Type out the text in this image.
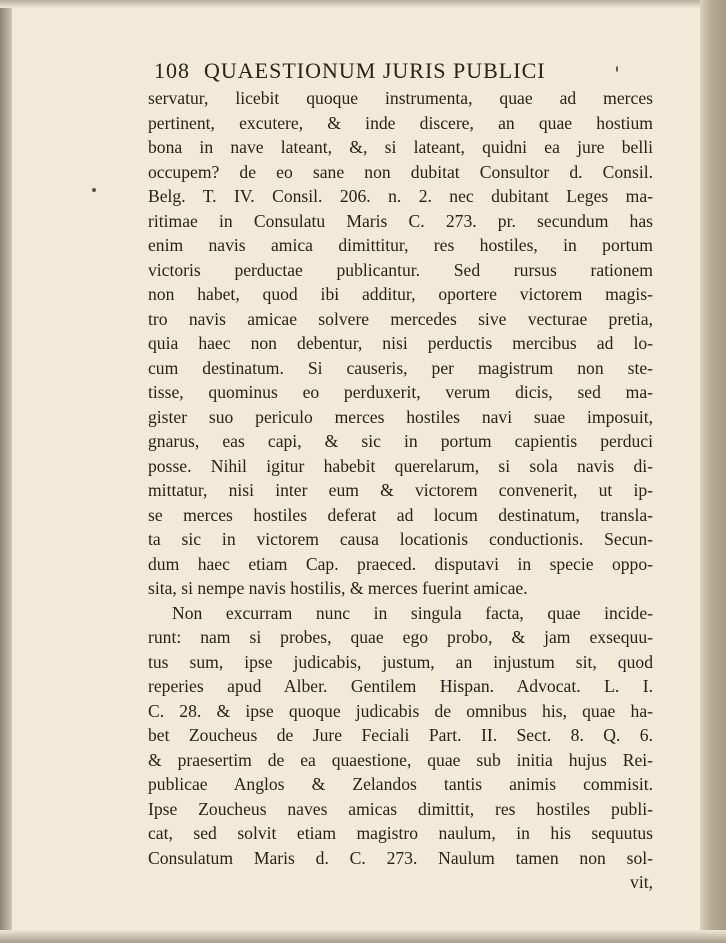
108 QUAESTIONUM JURIS PUBLICI
servatur, licebit quoque instrumenta, quae ad merces
pertinent, excutere, & inde discere, an quae hostium
bona in nave lateant, &, si lateant, quidni ea jure belli
occupem? de eo sane non dubitat Consultor d. Consil.
Belg. T. IV. Consil. 206. n. 2. nec dubitant Leges ma-
ritimae in Consulatu Maris C. 273. pr. secundum has
enim navis amica dimittitur, res hostiles, in portum
victoris perductae publicantur. Sed rursus rationem
non habet, quod ibi additur, oportere victorem magis-
tro navis amicae solvere mercedes sive vecturae pretia,
quia haec non debentur, nisi perductis mercibus ad lo-
cum destinatum. Si causeris, per magistrum non ste-
tisse, quominus eo perduxerit, verum dicis, sed ma-
gister suo periculo merces hostiles navi suae imposuit,
gnarus, eas capi, & sic in portum capientis perduci
posse. Nihil igitur habebit querelarum, si sola navis di-
mittatur, nisi inter eum & victorem convenerit, ut ip-
se merces hostiles deferat ad locum destinatum, transla-
ta sic in victorem causa locationis conductionis. Secun-
dum haec etiam Cap. praeced. disputavi in specie oppo-
sita, si nempe navis hostilis, & merces fuerint amicae.
Non excurram nunc in singula facta, quae incide-
runt: nam si probes, quae ego probo, & jam exsequu-
tus sum, ipse judicabis, justum, an injustum sit, quod
reperies apud Alber. Gentilem Hispan. Advocat. L. I.
C. 28. & ipse quoque judicabis de omnibus his, quae ha-
bet Zoucheus de Jure Feciali Part. II. Sect. 8. Q. 6.
& praesertim de ea quaestione, quae sub initia hujus Rei-
publicae Anglos & Zelandos tantis animis commisit.
Ipse Zoucheus naves amicas dimittit, res hostiles publi-
cat, sed solvit etiam magistro naulum, in his sequutus
Consulatum Maris d. C. 273. Naulum tamen non sol-
vit,
